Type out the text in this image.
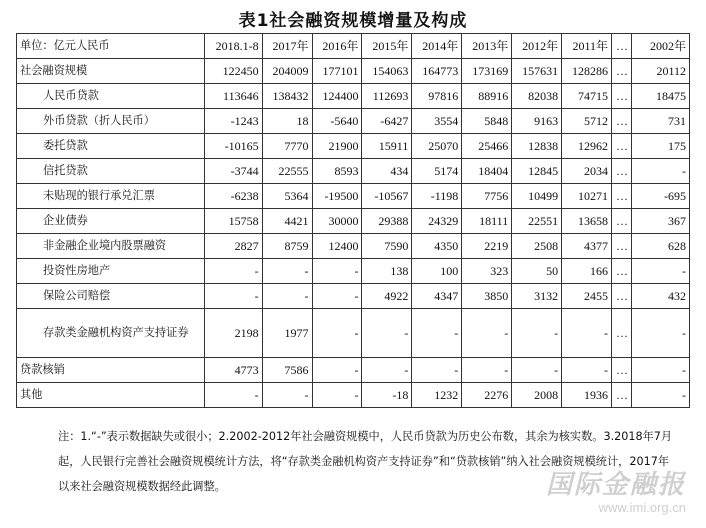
表1社会融资规模增量及构成
单位：亿元人民币	2018.1-8	2017年	2016年	2015年	2014年	2013年	2012年	2011年	…	2002年
社会融资规模	122450	204009	177101	154063	164773	173169	157631	128286	…	20112
人民币贷款	113646	138432	124400	112693	97816	88916	82038	74715	…	18475
外币贷款（折人民币）	-1243	18	-5640	-6427	3554	5848	9163	5712	…	731
委托贷款	-10165	7770	21900	15911	25070	25466	12838	12962	…	175
信托贷款	-3744	22555	8593	434	5174	18404	12845	2034	…	-
未贴现的银行承兑汇票	-6238	5364	-19500	-10567	-1198	7756	10499	10271	…	-695
企业债券	15758	4421	30000	29388	24329	18111	22551	13658	…	367
非金融企业境内股票融资	2827	8759	12400	7590	4350	2219	2508	4377	…	628
投资性房地产	-	-	-	138	100	323	50	166	…	-
保险公司赔偿	-	-	-	4922	4347	3850	3132	2455	…	432
存款类金融机构资产支持证券	2198	1977	-	-	-	-	-	-	…	-
贷款核销	4773	7586	-	-	-	-	-	-	…	-
其他	-	-	-	-18	1232	2276	2008	1936	…	-
注：1.“-”表示数据缺失或很小；2.2002-2012年社会融资规模中，人民币贷款为历史公布数，其余为核实数。3.2018年7月起，人民银行完善社会融资规模统计方法，将“存款类金融机构资产支持证券”和“贷款核销”纳入社会融资规模统计，2017年以来社会融资规模数据经此调整。	国际金融报
www.imi.org.cn
